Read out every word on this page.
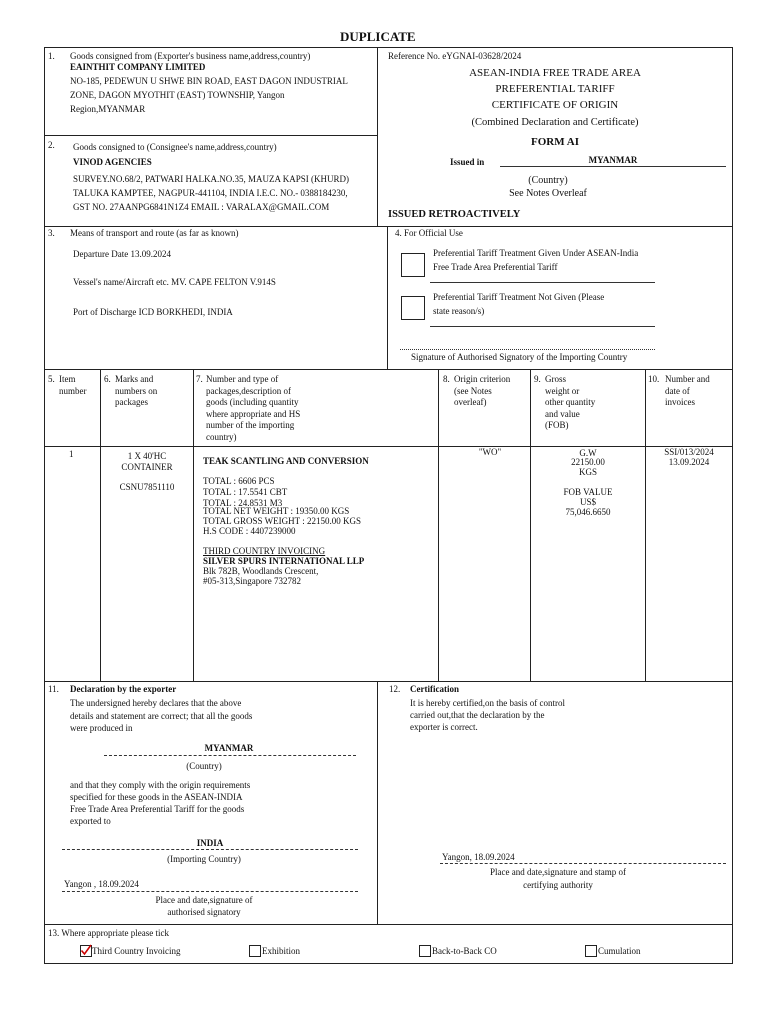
DUPLICATE
1. Goods consigned from (Exporter's business name,address,country)
EAINTHIT COMPANY LIMITED
NO-185, PEDEWUN U SHWE BIN ROAD, EAST DAGON INDUSTRIAL
ZONE, DAGON MYOTHIT (EAST) TOWNSHIP, Yangon
Region,MYANMAR
2. Goods consigned to (Consignee's name,address,country)
VINOD AGENCIES
SURVEY.NO.68/2, PATWARI HALKA.NO.35, MAUZA KAPSI (KHURD)
TALUKA KAMPTEE, NAGPUR-441104, INDIA I.E.C. NO.- 0388184230,
GST NO. 27AANPG6841N1Z4 EMAIL : VARALAX@GMAIL.COM
Reference No. eYGNAI-03628/2024
ASEAN-INDIA FREE TRADE AREA
PREFERENTIAL TARIFF
CERTIFICATE OF ORIGIN
(Combined Declaration and Certificate)
FORM AI
Issued in	MYANMAR
(Country)
See Notes Overleaf
ISSUED RETROACTIVELY
3. Means of transport and route (as far as known)
Departure Date 13.09.2024
Vessel's name/Aircraft etc. MV. CAPE FELTON V.914S
Port of Discharge ICD BORKHEDI, INDIA
4. For Official Use
Preferential Tariff Treatment Given Under ASEAN-India
Free Trade Area Preferential Tariff
Preferential Tariff Treatment Not Given (Please
state reason/s)
Signature of Authorised Signatory of the Importing Country
5. Item
number
6. Marks and
numbers on
packages
7. Number and type of
packages,description of
goods (including quantity
where appropriate and HS
number of the importing
country)
8. Origin criterion
(see Notes
overleaf)
9. Gross
weight or
other quantity
and value
(FOB)
10. Number and
date of
invoices
1	1 X 40'HC
CONTAINER
CSNU7851110
TEAK SCANTLING AND CONVERSION
TOTAL : 6606 PCS
TOTAL : 17.5541 CBT
TOTAL : 24.8531 M3
TOTAL NET WEIGHT : 19350.00 KGS
TOTAL GROSS WEIGHT : 22150.00 KGS
H.S CODE : 4407239000
THIRD COUNTRY INVOICING
SILVER SPURS INTERNATIONAL LLP
Blk 782B, Woodlands Crescent,
#05-313,Singapore 732782
"WO"	G.W
22150.00
KGS
FOB VALUE
US$
75,046.6650
SSI/013/2024
13.09.2024
11. Declaration by the exporter
The undersigned hereby declares that the above
details and statement are correct; that all the goods
were produced in
MYANMAR
(Country)
and that they comply with the origin requirements
specified for these goods in the ASEAN-INDIA
Free Trade Area Preferential Tariff for the goods
exported to
INDIA
(Importing Country)
Yangon , 18.09.2024
Place and date,signature of
authorised signatory
12. Certification
It is hereby certified,on the basis of control
carried out,that the declaration by the
exporter is correct.
Yangon, 18.09.2024
Place and date,signature and stamp of
certifying authority
13. Where appropriate please tick
Third Country Invoicing	Exhibition	Back-to-Back CO	Cumulation
